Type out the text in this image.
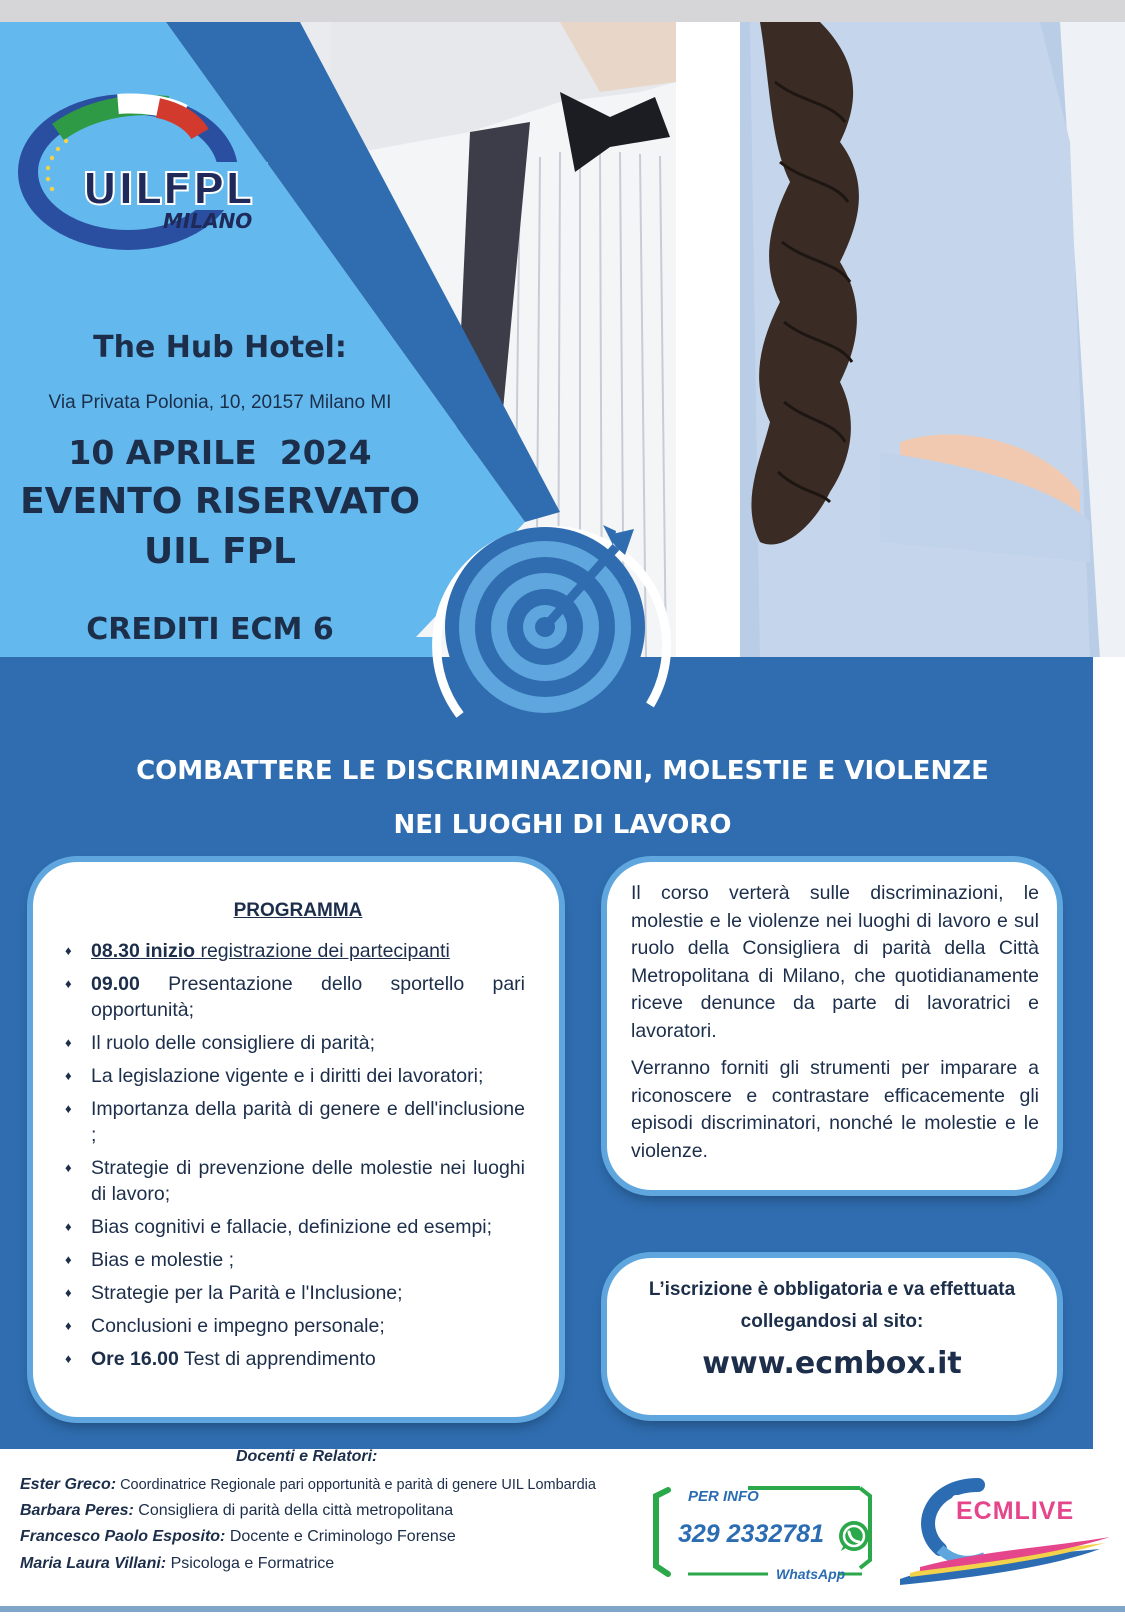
UILFPL
MILANO
The Hub Hotel:
Via Privata Polonia, 10, 20157 Milano MI
10 APRILE  2024
EVENTO RISERVATO
UIL FPL
CREDITI ECM 6
COMBATTERE LE DISCRIMINAZIONI, MOLESTIE E VIOLENZE
NEI LUOGHI DI LAVORO
PROGRAMMA
♦ 08.30 inizio registrazione dei partecipanti
♦ 09.00 Presentazione dello sportello pari opportunità;
♦ Il ruolo delle consigliere di parità;
♦ La legislazione vigente e i diritti dei lavoratori;
♦ Importanza della parità di genere e dell'inclusione ;
♦ Strategie di prevenzione delle molestie nei luoghi di lavoro;
♦ Bias cognitivi e fallacie, definizione ed esempi;
♦ Bias e molestie ;
♦ Strategie per la Parità e l'Inclusione;
♦ Conclusioni e impegno personale;
♦ Ore 16.00 Test di apprendimento

Il corso verterà sulle discriminazioni, le molestie e le violenze nei luoghi di lavoro e sul ruolo della Consigliera di parità della Città Metropolitana di Milano, che quotidianamente riceve denunce da parte di lavoratrici e lavoratori.

Verranno forniti gli strumenti per imparare a riconoscere e contrastare efficacemente gli episodi discriminatori, nonché le molestie e le violenze.

L’iscrizione è obbligatoria e va effettuata
collegandosi al sito:
www.ecmbox.it
Docenti e Relatori:
Ester Greco: Coordinatrice Regionale pari opportunità e parità di genere UIL Lombardia
Barbara Peres: Consigliera di parità della città metropolitana
Francesco Paolo Esposito: Docente e Criminologo Forense
Maria Laura Villani: Psicologa e Formatrice
PER INFO
329 2332781
WhatsApp
ECMLIVE
